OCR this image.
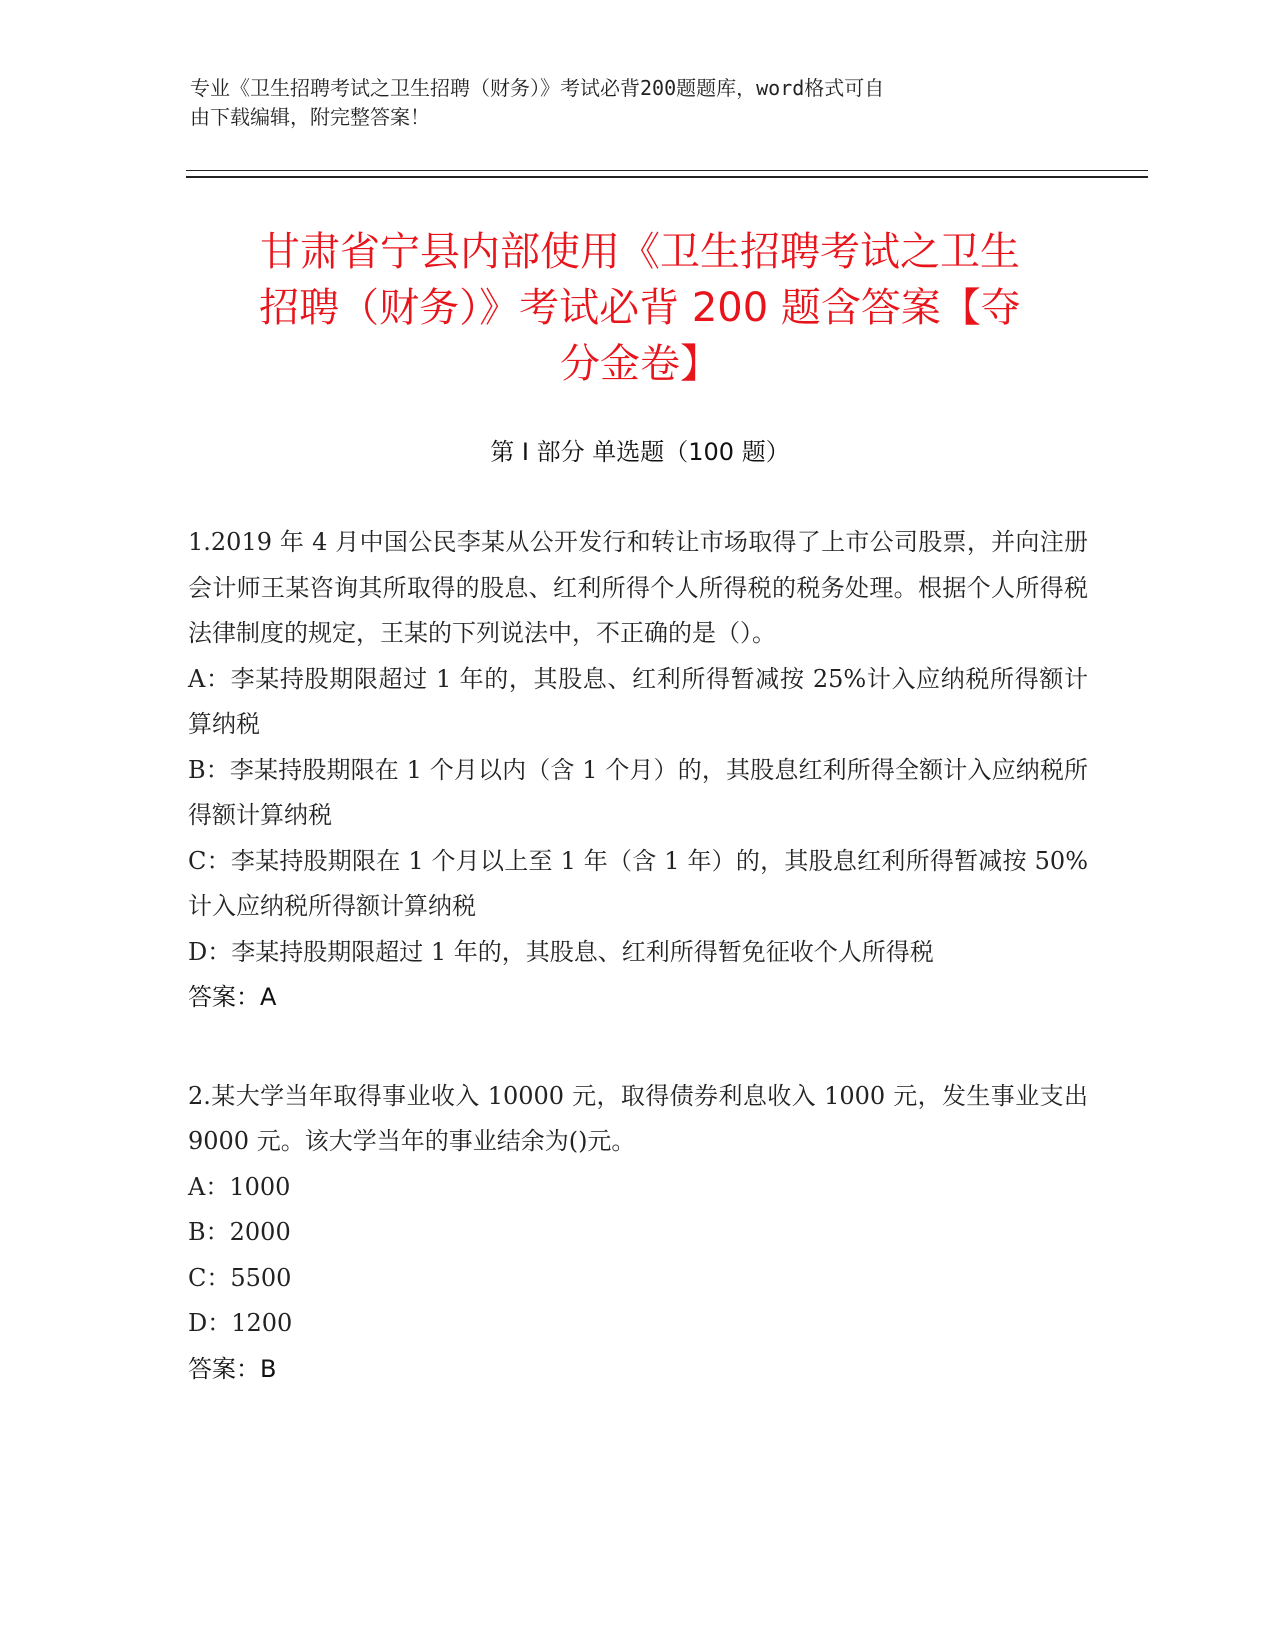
专业《卫生招聘考试之卫生招聘（财务）》考试必背200题题库，word格式可自
由下载编辑，附完整答案！
甘肃省宁县内部使用《卫生招聘考试之卫生
招聘（财务）》考试必背 200 题含答案【夺
分金卷】
第 I 部分 单选题（100 题）
1.2019 年 4 月中国公民李某从公开发行和转让市场取得了上市公司股票，并向注册会计师王某咨询其所取得的股息、红利所得个人所得税的税务处理。根据个人所得税法律制度的规定，王某的下列说法中，不正确的是（）。
A：李某持股期限超过 1 年的，其股息、红利所得暂减按 25%计入应纳税所得额计算纳税
B：李某持股期限在 1 个月以内（含 1 个月）的，其股息红利所得全额计入应纳税所得额计算纳税
C：李某持股期限在 1 个月以上至 1 年（含 1 年）的，其股息红利所得暂减按 50%计入应纳税所得额计算纳税
D：李某持股期限超过 1 年的，其股息、红利所得暂免征收个人所得税
答案：A
2.某大学当年取得事业收入 10000 元，取得债券利息收入 1000 元，发生事业支出 9000 元。该大学当年的事业结余为()元。
A：1000
B：2000
C：5500
D：1200
答案：B
